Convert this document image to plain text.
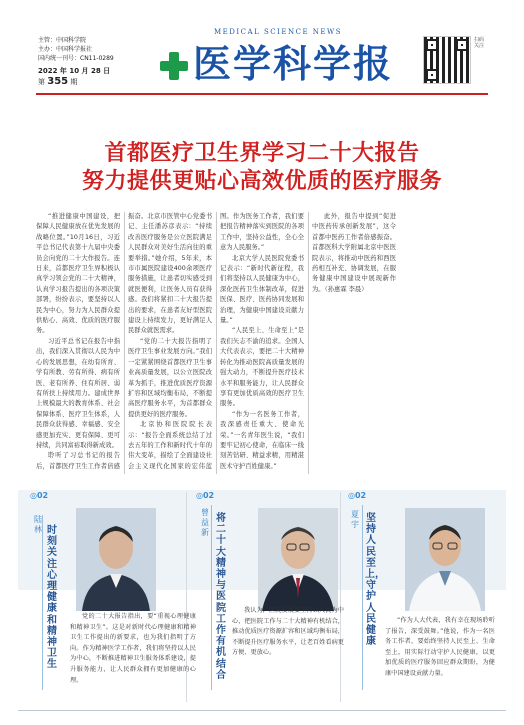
主管：中国科学院
主办：中国科学报社
国内统一刊号：CN11-0289
2022 年 10 月 28 日
第 355 期
MEDICAL SCIENCE NEWS
医学科学报
扫码关注
首都医疗卫生界学习二十大报告
努力提供更贴心高效优质的医疗服务

“推进健康中国建设，把保障人民健康放在优先发展的战略位置。”10月16日，习近平总书记代表第十九届中央委员会向党的二十大作报告。连日来，首都医疗卫生界积极认真学习领会党的二十大精神，认真学习报告提出的各项决策部署，纷纷表示，要坚持以人民为中心，努力为人民群众提供贴心、高效、优质的医疗服务。

习近平总书记在报告中指出，我们深入贯彻以人民为中心的发展思想，在幼有所育、学有所教、劳有所得、病有所医、老有所养、住有所居、弱有所扶上持续用力。建成世界上规模最大的教育体系、社会保障体系、医疗卫生体系，人民群众获得感、幸福感、安全感更加充实、更有保障、更可持续，共同富裕取得新成效。

聆听了习总书记的报告后，首都医疗卫生工作者倍感振奋。北京市医管中心党委书记、主任潘苏彦表示：“持续改善医疗服务是公立医院满足人民群众对美好生活向往的重要举措。”她介绍，5年来，本市市属医院建设400余项医疗服务措施，让患者切实感受到就医便利，让医务人员有获得感。我们将紧扣二十大报告提出的要求，在患者友好型医院建设上持续发力，更好满足人民群众就医需求。

“党的二十大报告指明了医疗卫生事业发展方向。”我们一定紧紧围绕首都医疗卫生事业高质量发展，以公立医院改革为抓手，推进优质医疗资源扩容和区域均衡布局，不断提高医疗服务水平，为首都群众提供更好的医疗服务。

北京协和医院院长表示：“报告全面系统总结了过去五年的工作和新时代十年的伟大变革，描绘了全面建设社会主义现代化国家的宏伟蓝图。作为医务工作者，我们要把报告精神落实到医院的各项工作中，坚持公益性，全心全意为人民服务。”

北京大学人民医院党委书记表示：“新时代新征程，我们将坚持以人民健康为中心，深化医药卫生体制改革，促进医保、医疗、医药协同发展和治理，为健康中国建设贡献力量。”

“人民至上、生命至上”是我们矢志不渝的追求。全国人大代表表示，要把二十大精神转化为推动医院高质量发展的强大动力，不断提升医疗技术水平和服务能力，让人民群众享有更加优质高效的医疗卫生服务。

“作为一名医务工作者，我深感责任重大、使命光荣。”一名青年医生说，“我们要牢记初心使命，在临床一线刻苦钻研、精益求精，用精湛医术守护百姓健康。”

此外，报告中提到“促进中医药传承创新发展”，这令首都中医药工作者倍感振奋。首都医科大学附属北京中医医院表示，将推动中医药和西医药相互补充、协调发展，在服务健康中国建设中展现新作为。（孙惠霖 李晨）

◎02
陆林 时刻关注心理健康和精神卫生

党的二十大报告指出，要“重视心理健康和精神卫生”。这是对新时代心理健康和精神卫生工作提出的新要求，也为我们指明了方向。作为精神医学工作者，我们将坚持以人民为中心，不断推进精神卫生服务体系建设，提升服务能力，让人民群众拥有更加健康的心理。

◎02
曾益新
将二十大精神与医院工作有机结合

我认为，医院发展要坚持以人民为中心，把医院工作与二十大精神有机结合，推动优质医疗资源扩容和区域均衡布局，不断提升医疗服务水平，让老百姓看病更方便、更放心。

◎02
夏宇
坚持人民至上，守护人民健康

“作为人大代表，我有幸在现场聆听了报告，深受鼓舞。”他说，作为一名医务工作者，要始终坚持人民至上、生命至上，用实际行动守护人民健康，以更加优质的医疗服务回应群众期盼，为健康中国建设贡献力量。
